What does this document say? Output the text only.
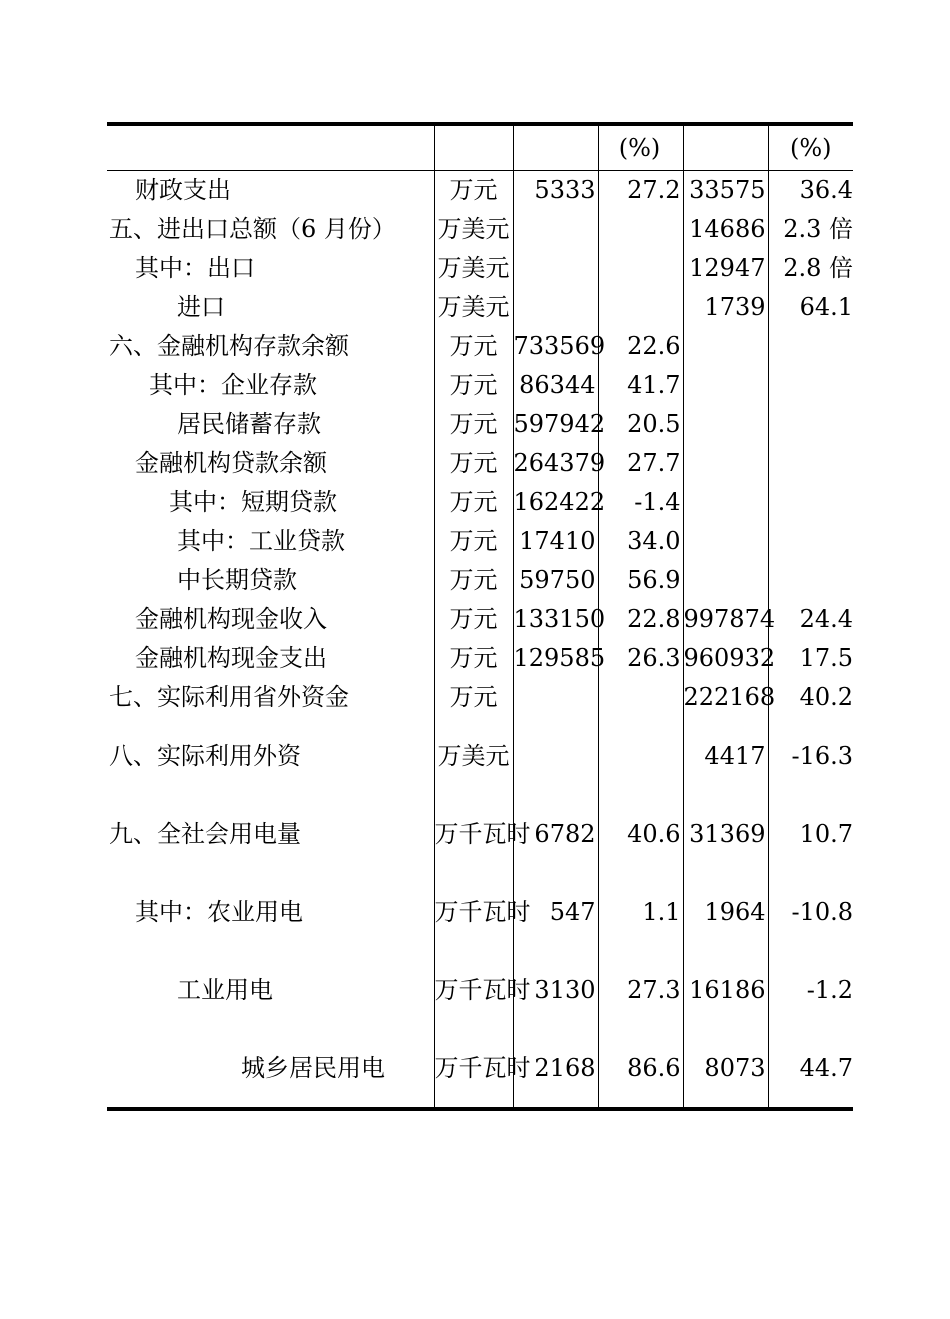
			(%)		(%)
财政支出	万元	5333	27.2	33575	36.4
五、进出口总额（6 月份）	万美元			14686	2.3 倍
其中：出口	万美元			12947	2.8 倍
进口	万美元			1739	64.1
六、金融机构存款余额	万元	733569	22.6		
其中：企业存款	万元	86344	41.7		
居民储蓄存款	万元	597942	20.5		
金融机构贷款余额	万元	264379	27.7		
其中：短期贷款	万元	162422	-1.4		
其中：工业贷款	万元	17410	34.0		
中长期贷款	万元	59750	56.9		
金融机构现金收入	万元	133150	22.8	997874	24.4
金融机构现金支出	万元	129585	26.3	960932	17.5
七、实际利用省外资金	万元			222168	40.2
八、实际利用外资	万美元			4417	-16.3
九、全社会用电量	万千瓦时	6782	40.6	31369	10.7
其中：农业用电	万千瓦时	547	1.1	1964	-10.8
工业用电	万千瓦时	3130	27.3	16186	-1.2
城乡居民用电	万千瓦时	2168	86.6	8073	44.7
